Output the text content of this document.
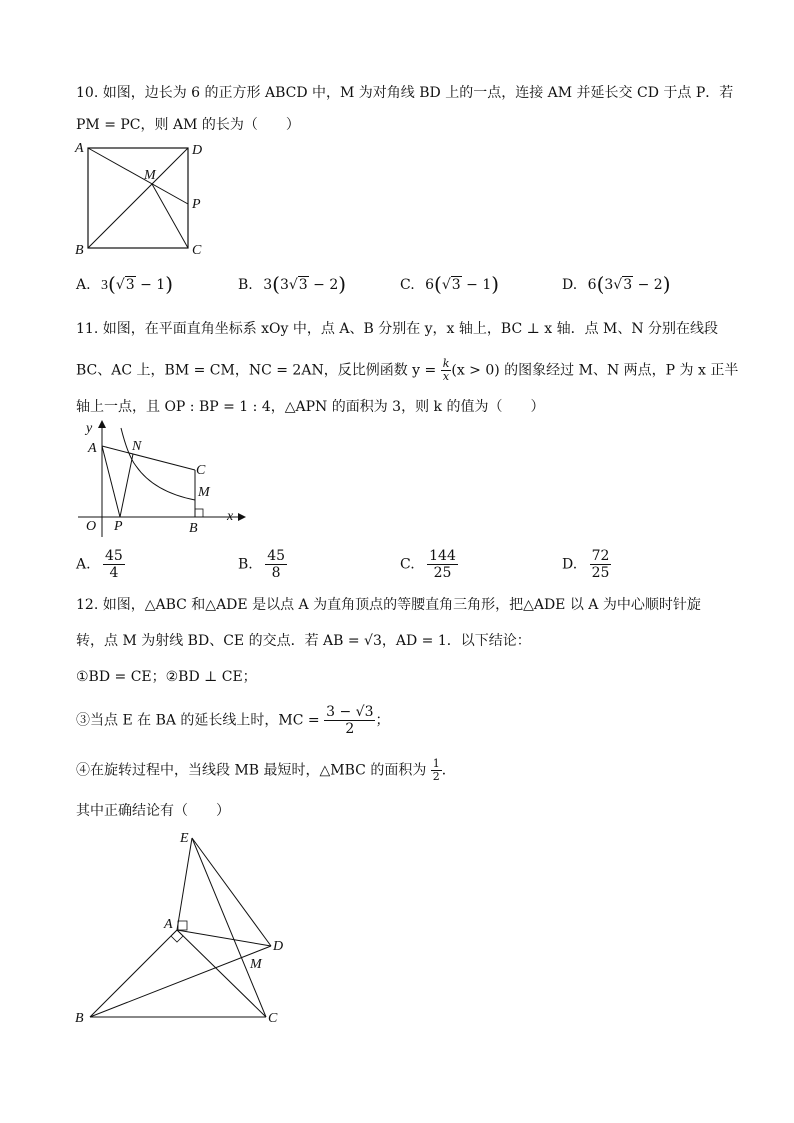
10. 如图，边长为 6 的正方形 ABCD 中，M 为对角线 BD 上的一点，连接 AM 并延长交 CD 于点 P．若
PM = PC，则 AM 的长为（　　）
A	D
M
P
B	C
A. 3(√3 − 1)	B. 3(3√3 − 2)	C. 6(√3 − 1)	D. 6(3√3 − 2)
11. 如图，在平面直角坐标系 xOy 中，点 A、B 分别在 y，x 轴上，BC ⊥ x 轴．点 M、N 分别在线段
BC、AC 上，BM = CM，NC = 2AN，反比例函数 $y = \frac{k}{x} (x > 0)$ 的图象经过 M、N 两点，P 为 x 正半
轴上一点，且 OP : BP = 1 : 4，△APN 的面积为 3，则 k 的值为（　　）
y
A	N
C
M
O P	B
x
A. $\frac{45}{4}$	B. $\frac{45}{8}$	C. $\frac{144}{25}$	D. $\frac{72}{25}$
12. 如图，△ABC 和△ADE 是以点 A 为直角顶点的等腰直角三角形，把△ADE 以 A 为中心顺时针旋
转，点 M 为射线 BD、CE 的交点．若 AB = √3，AD = 1．以下结论：
①BD = CE；②BD ⊥ CE；
③当点 E 在 BA 的延长线上时，MC = $\frac{3 - √3}{2}$ ；
④在旋转过程中，当线段 MB 最短时，△MBC 的面积为 $\frac{1}{2}$ ．
其中正确结论有（　　）
E
A
D
M
B	C
